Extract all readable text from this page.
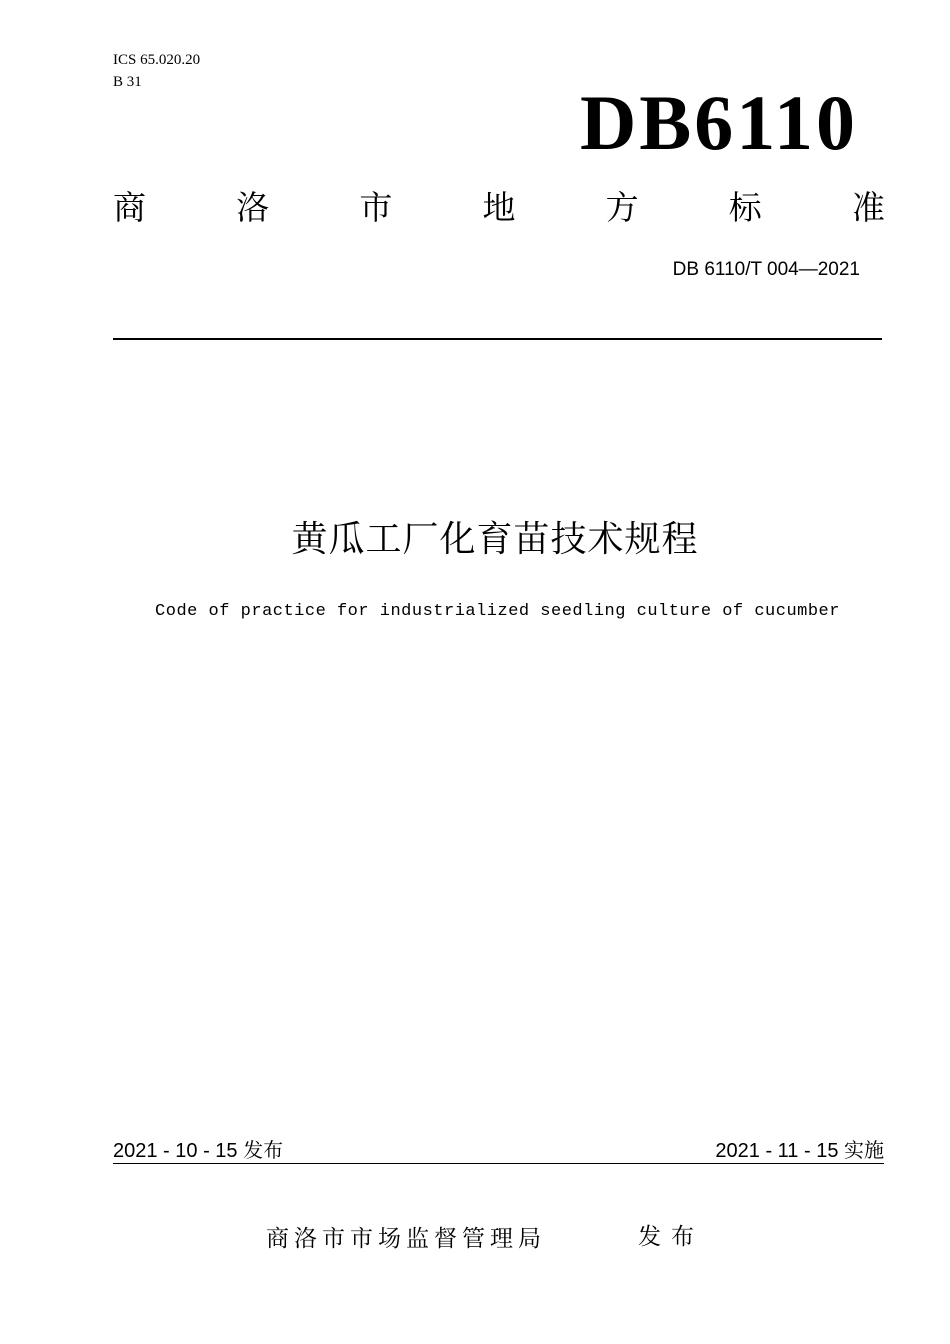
ICS 65.020.20
B 31	DB6110
商	洛	市	地	方	标	准
DB 6110/T 004—2021
黄瓜工厂化育苗技术规程
Code of practice for industrialized seedling culture of cucumber
2021 - 10 - 15 发布	2021 - 11 - 15 实施
商洛市市场监督管理局	发布
